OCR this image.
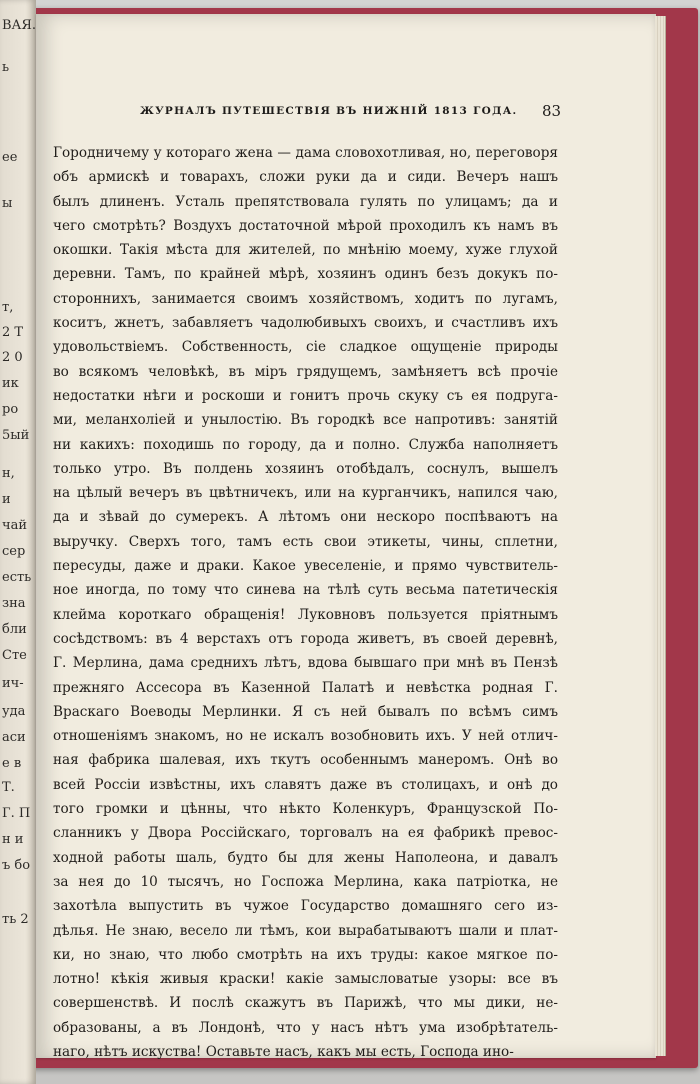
ВАЯ.
ь
ее
ы
т,
2 Т
2 0
ик
ро
5ый
н,
и
чай
сер
есть
зна
бли
Сте
ич-
уда
аси
е в
Т.
Г. П
н и
ъ бо
ть 2
ЖУРНАЛЪ ПУТЕШЕСТВІЯ ВЪ НИЖНІЙ 1813 ГОДА. 83
Городничему у котораго жена — дама словохотливая, но, переговоря
объ армискѣ и товарахъ, сложи руки да и сиди. Вечеръ нашъ
былъ длиненъ. Усталь препятствовала гулять по улицамъ; да и
чего смотрѣть? Воздухъ достаточной мѣрой проходилъ къ намъ въ
окошки. Такія мѣста для жителей, по мнѣнію моему, хуже глухой
деревни. Тамъ, по крайней мѣрѣ, хозяинъ одинъ безъ докукъ по-
стороннихъ, занимается своимъ хозяйствомъ, ходитъ по лугамъ,
коситъ, жнетъ, забавляетъ чадолюбивыхъ своихъ, и счастливъ ихъ
удовольствіемъ. Собственность, сіе сладкое ощущеніе природы
во всякомъ человѣкѣ, въ міръ грядущемъ, замѣняетъ всѣ прочіе
недостатки нѣги и роскоши и гонитъ прочь скуку съ ея подруга-
ми, меланхоліей и унылостію. Въ городкѣ все напротивъ: занятій
ни какихъ: походишь по городу, да и полно. Служба наполняетъ
только утро. Въ полдень хозяинъ отобѣдалъ, соснулъ, вышелъ
на цѣлый вечеръ въ цвѣтничекъ, или на курганчикъ, напился чаю,
да и зѣвай до сумерекъ. А лѣтомъ они нескоро поспѣваютъ на
выручку. Сверхъ того, тамъ есть свои этикеты, чины, сплетни,
пересуды, даже и драки. Какое увеселеніе, и прямо чувствитель-
ное иногда, по тому что синева на тѣлѣ суть весьма патетическія
клейма короткаго обращенія! Луковновъ пользуется пріятнымъ
сосѣдствомъ: въ 4 верстахъ отъ города живетъ, въ своей деревнѣ,
Г. Мерлина, дама среднихъ лѣтъ, вдова бывшаго при мнѣ въ Пензѣ
прежняго Ассесора въ Казенной Палатѣ и невѣстка родная Г.
Враскаго Воеводы Мерлинки. Я съ ней бывалъ по всѣмъ симъ
отношеніямъ знакомъ, но не искалъ возобновить ихъ. У ней отлич-
ная фабрика шалевая, ихъ ткутъ особеннымъ манеромъ. Онѣ во
всей Россіи извѣстны, ихъ славятъ даже въ столицахъ, и онѣ до
того громки и цѣнны, что нѣкто Коленкуръ, Французской По-
сланникъ у Двора Россійскаго, торговалъ на ея фабрикѣ превос-
ходной работы шаль, будто бы для жены Наполеона, и давалъ
за нея до 10 тысячъ, но Госпожа Мерлина, кака патріотка, не
захотѣла выпустить въ чужое Государство домашняго сего из-
дѣлья. Не знаю, весело ли тѣмъ, кои вырабатываютъ шали и плат-
ки, но знаю, что любо смотрѣть на ихъ труды: какое мягкое по-
лотно! кѣкія живыя краски! какіе замысловатые узоры: все въ
совершенствѣ. И послѣ скажутъ въ Парижѣ, что мы дики, не-
образованы, а въ Лондонѣ, что у насъ нѣтъ ума изобрѣтатель-
наго, нѣтъ искуства! Оставьте насъ, какъ мы есть, Господа ино-
